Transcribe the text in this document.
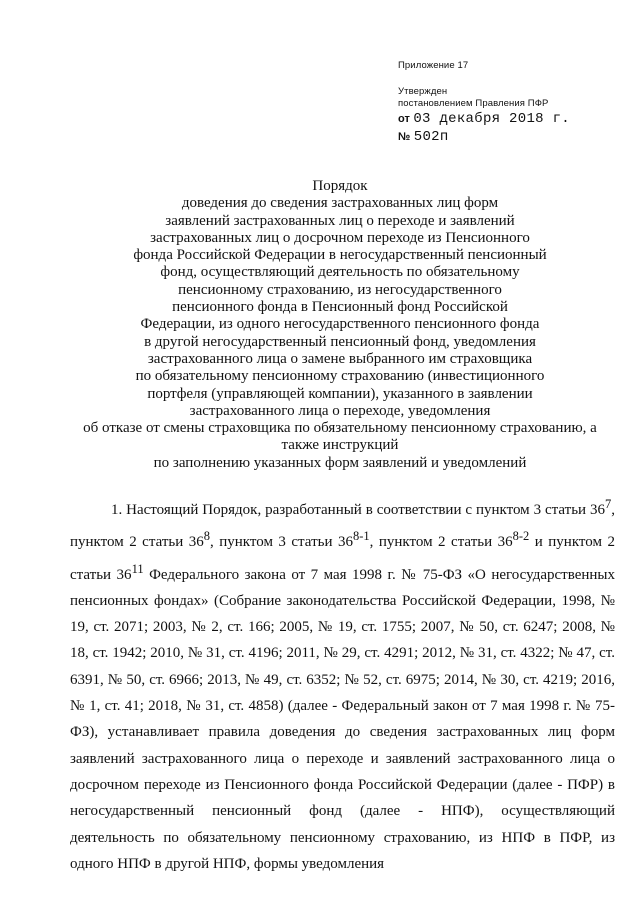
Приложение 17

Утвержден

постановлением Правления ПФР

от 03 декабря 2018 г.

№ 502п

Порядок

доведения до сведения застрахованных лиц форм

заявлений застрахованных лиц о переходе и заявлений

застрахованных лиц о досрочном переходе из Пенсионного

фонда Российской Федерации в негосударственный пенсионный

фонд, осуществляющий деятельность по обязательному

пенсионному страхованию, из негосударственного

пенсионного фонда в Пенсионный фонд Российской

Федерации, из одного негосударственного пенсионного фонда

в другой негосударственный пенсионный фонд, уведомления

застрахованного лица о замене выбранного им страховщика

по обязательному пенсионному страхованию (инвестиционного

портфеля (управляющей компании), указанного в заявлении

застрахованного лица о переходе, уведомления

об отказе от смены страховщика по обязательному пенсионному страхованию, а

также инструкций

по заполнению указанных форм заявлений и уведомлений

1. Настоящий Порядок, разработанный в соответствии с пунктом 3 статьи $36^7$, пунктом 2 статьи $36^8$, пунктом 3 статьи 36$^{8-1}$, пунктом 2 статьи 36$^{8-2}$ и пунктом 2 статьи $36^{11}$ Федерального закона от 7 мая 1998 г. № 75-ФЗ «О негосударственных пенсионных фондах» (Собрание законодательства Российской Федерации, 1998, № 19, ст. 2071; 2003, № 2, ст. 166; 2005, № 19, ст. 1755; 2007, № 50, ст. 6247; 2008, № 18, ст. 1942; 2010, № 31, ст. 4196; 2011, № 29, ст. 4291; 2012, № 31, ст. 4322; № 47, ст. 6391, № 50, ст. 6966; 2013, № 49, ст. 6352; № 52, ст. 6975; 2014, № 30, ст. 4219; 2016, № 1, ст. 41; 2018, № 31, ст. 4858) (далее - Федеральный закон от 7 мая 1998 г. № 75-ФЗ), устанавливает правила доведения до сведения застрахованных лиц форм заявлений застрахованного лица о переходе и заявлений застрахованного лица о досрочном переходе из Пенсионного фонда Российской Федерации (далее - ПФР) в негосударственный пенсионный фонд (далее - НПФ), осуществляющий деятельность по обязательному пенсионному страхованию, из НПФ в ПФР, из одного НПФ в другой НПФ, формы уведомления
